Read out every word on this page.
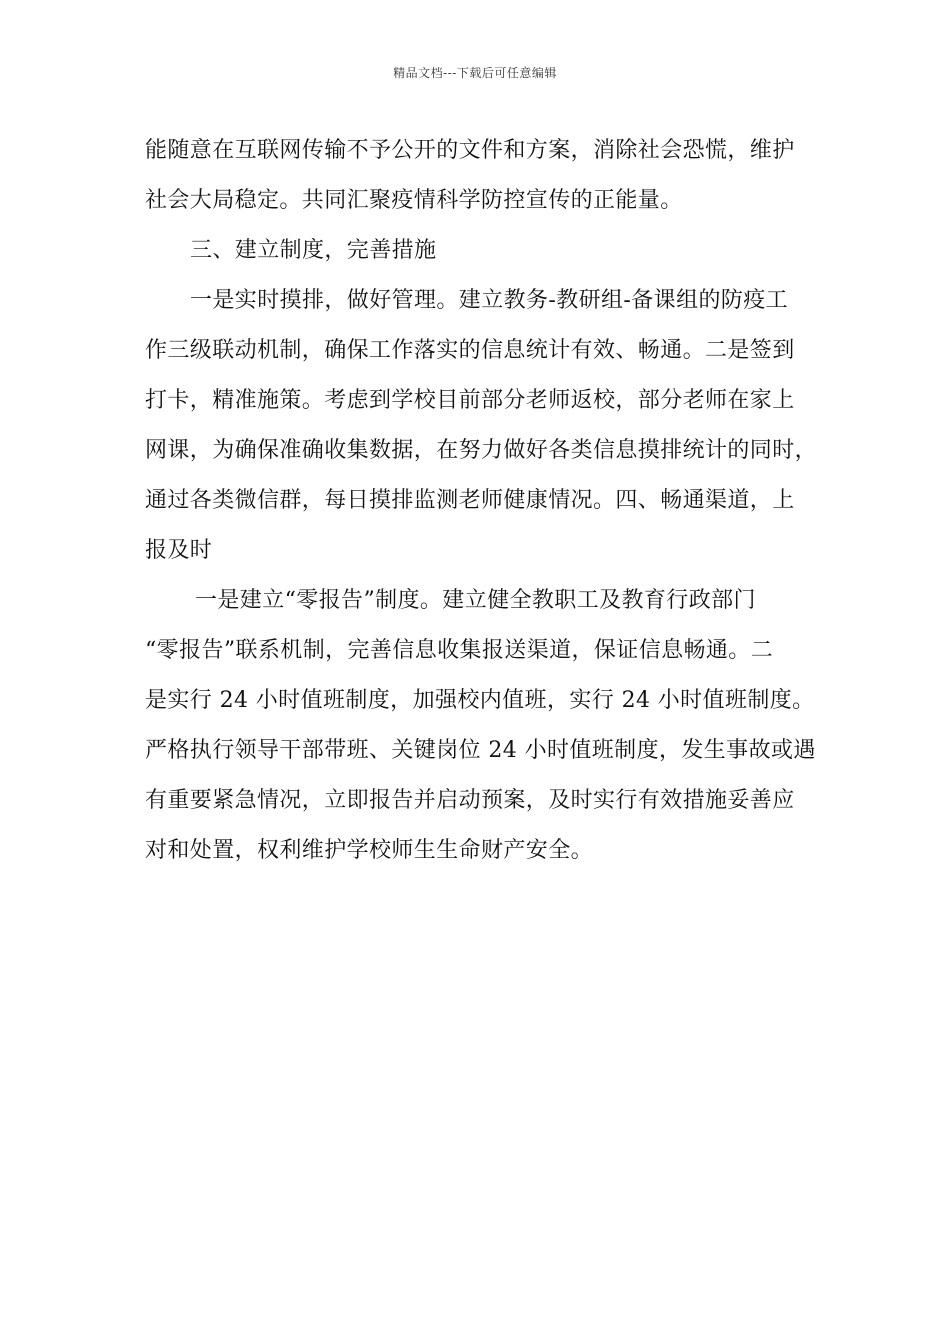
精品文档---下载后可任意编辑
能随意在互联网传输不予公开的文件和方案，消除社会恐慌，维护
社会大局稳定。共同汇聚疫情科学防控宣传的正能量。
三、建立制度，完善措施
一是实时摸排，做好管理。建立教务-教研组-备课组的防疫工
作三级联动机制，确保工作落实的信息统计有效、畅通。二是签到
打卡，精准施策。考虑到学校目前部分老师返校，部分老师在家上
网课，为确保准确收集数据，在努力做好各类信息摸排统计的同时，
通过各类微信群，每日摸排监测老师健康情况。四、畅通渠道，上
报及时
一是建立“零报告”制度。建立健全教职工及教育行政部门
“零报告”联系机制，完善信息收集报送渠道，保证信息畅通。二
是实行 24 小时值班制度，加强校内值班，实行 24 小时值班制度。
严格执行领导干部带班、关键岗位 24 小时值班制度，发生事故或遇
有重要紧急情况，立即报告并启动预案，及时实行有效措施妥善应
对和处置，权利维护学校师生生命财产安全。
